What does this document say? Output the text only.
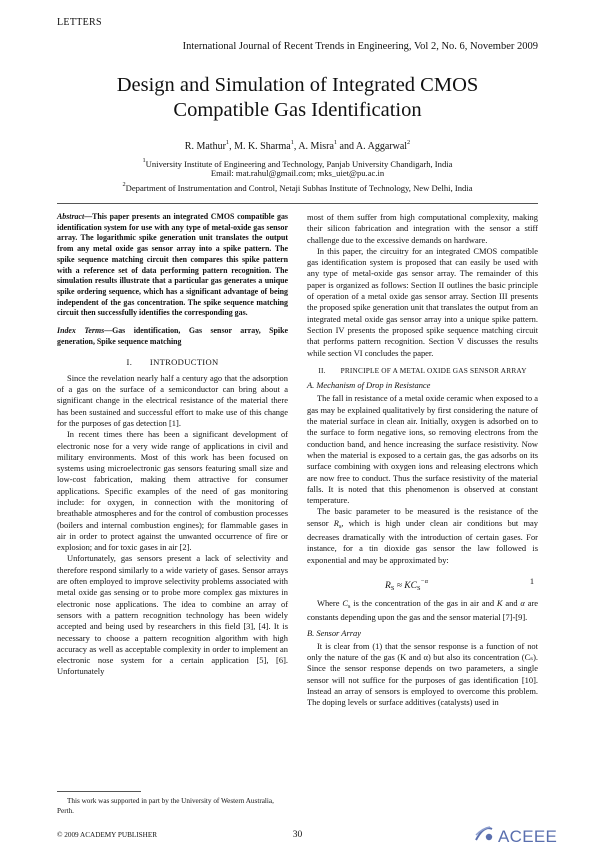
LETTERS
International Journal of Recent Trends in Engineering, Vol 2, No. 6, November 2009
Design and Simulation of Integrated CMOS
Compatible Gas Identification
R. Mathur$^1$, M. K. Sharma$^1$, A. Misra$^1$ and A. Aggarwal$^2$
$^1$University Institute of Engineering and Technology, Panjab University Chandigarh, India
Email: mat.rahul@gmail.com; mks_uiet@pu.ac.in
$^2$Department of Instrumentation and Control, Netaji Subhas Institute of Technology, New Delhi, India

Abstract—This paper presents an integrated CMOS compatible gas identification system for use with any type of metal-oxide gas sensor array. The logarithmic spike generation unit translates the output from any metal oxide gas sensor array into a spike pattern. The spike sequence matching circuit then compares this spike pattern with a reference set of data performing pattern recognition. The simulation results illustrate that a particular gas generates a unique spike ordering sequence, which has a significant advantage of being independent of the gas concentration. The spike sequence matching circuit then successfully identifies the corresponding gas.

Index Terms—Gas identification, Gas sensor array, Spike generation, Spike sequence matching

I.  INTRODUCTION

Since the revelation nearly half a century ago that the adsorption of a gas on the surface of a semiconductor can bring about a significant change in the electrical resistance of the material there has been sustained and successful effort to make use of this change for the purposes of gas detection [1].

In recent times there has been a significant development of electronic nose for a very wide range of applications in civil and military environments. Most of this work has been focused on systems using microelectronic gas sensors featuring small size and low-cost fabrication, making them attractive for consumer applications. Specific examples of the need of gas monitoring include: for oxygen, in connection with the monitoring of breathable atmospheres and for the control of combustion processes (boilers and internal combustion engines); for flammable gases in air in order to protect against the unwanted occurrence of fire or explosion; and for toxic gases in air [2].

Unfortunately, gas sensors present a lack of selectivity and therefore respond similarly to a wide variety of gases. Sensor arrays are often employed to improve selectivity problems associated with metal oxide gas sensing or to probe more complex gas mixtures in electronic nose applications. The idea to combine an array of sensors with a pattern recognition technology has been widely accepted and being used by researchers in this field [3], [4]. It is necessary to choose a pattern recognition algorithm with high accuracy as well as acceptable complexity in order to implement an electronic nose system for a certain application [5], [6]. Unfortunately

most of them suffer from high computational complexity, making their silicon fabrication and integration with the sensor a stiff challenge due to the excessive demands on hardware.

In this paper, the circuitry for an integrated CMOS compatible gas identification system is proposed that can easily be used with any type of metal-oxide gas sensor array. The remainder of this paper is organized as follows: Section II outlines the basic principle of operation of a metal oxide gas sensor array. Section III presents the proposed spike generation unit that translates the output from an integrated metal oxide gas sensor array into a unique spike pattern. Section IV presents the proposed spike sequence matching circuit that performs pattern recognition. Section V discusses the results while section VI concludes the paper.

II.  PRINCIPLE OF A METAL OXIDE GAS SENSOR ARRAY

A. Mechanism of Drop in Resistance

The fall in resistance of a metal oxide ceramic when exposed to a gas may be explained qualitatively by first considering the nature of the material surface in clean air. Initially, oxygen is adsorbed on to the surface to form negative ions, so removing electrons from the conduction band, and hence increasing the surface resistivity. Now when the material is exposed to a certain gas, the gas adsorbs on its surface combining with oxygen ions and releasing electrons which are now free to conduct. Thus the surface resistivity of the material falls. It is noted that this phenomenon is observed at constant temperature.

The basic parameter to be measured is the resistance of the sensor $R_s$, which is high under clean air conditions but may decreases dramatically with the introduction of certain gases. For instance, for a tin dioxide gas sensor the law followed is exponential and may be approximated by:

$R_S \approx KC_S^{-\alpha}$	1

Where $C_s$ is the concentration of the gas in air and K and α are constants depending upon the gas and the sensor material [7]-[9].

B. Sensor Array

It is clear from (1) that the sensor response is a function of not only the nature of the gas (K and α) but also its concentration (Cₛ). Since the sensor response depends on two parameters, a single sensor will not suffice for the purposes of gas identification [10]. Instead an array of sensors is employed to overcome this problem. The doping levels or surface additives (catalysts) used in

This work was supported in part by the University of Western Australia, Perth.
© 2009 ACADEMY PUBLISHER	30	ACEEE
